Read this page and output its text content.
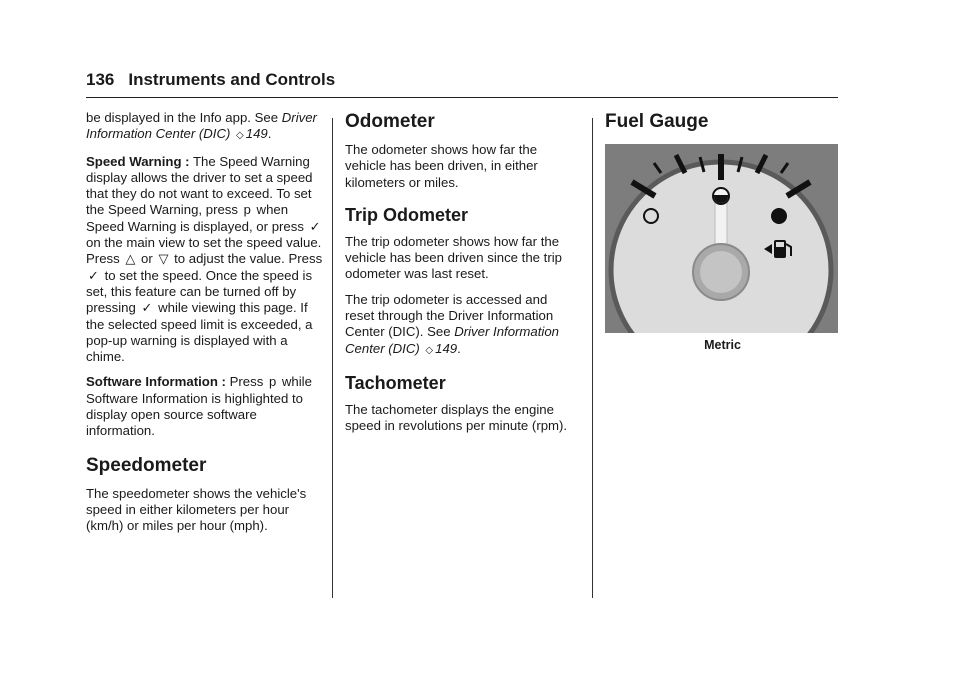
136 Instruments and Controls

be displayed in the Info app. See Driver Information Center (DIC) ◇ 149.

Speed Warning : The Speed Warning display allows the driver to set a speed that they do not want to exceed. To set the Speed Warning, press p when Speed Warning is displayed, or press ✓ on the main view to set the speed value. Press △ or ▽ to adjust the value. Press ✓ to set the speed. Once the speed is set, this feature can be turned off by pressing ✓ while viewing this page. If the selected speed limit is exceeded, a pop-up warning is displayed with a chime.

Software Information : Press p while Software Information is highlighted to display open source software information.

Speedometer

The speedometer shows the vehicle's speed in either kilometers per hour (km/h) or miles per hour (mph).

Odometer

The odometer shows how far the vehicle has been driven, in either kilometers or miles.

Trip Odometer

The trip odometer shows how far the vehicle has been driven since the trip odometer was last reset.

The trip odometer is accessed and reset through the Driver Information Center (DIC). See Driver Information Center (DIC) ◇ 149.

Tachometer

The tachometer displays the engine speed in revolutions per minute (rpm).

Fuel Gauge
Metric
